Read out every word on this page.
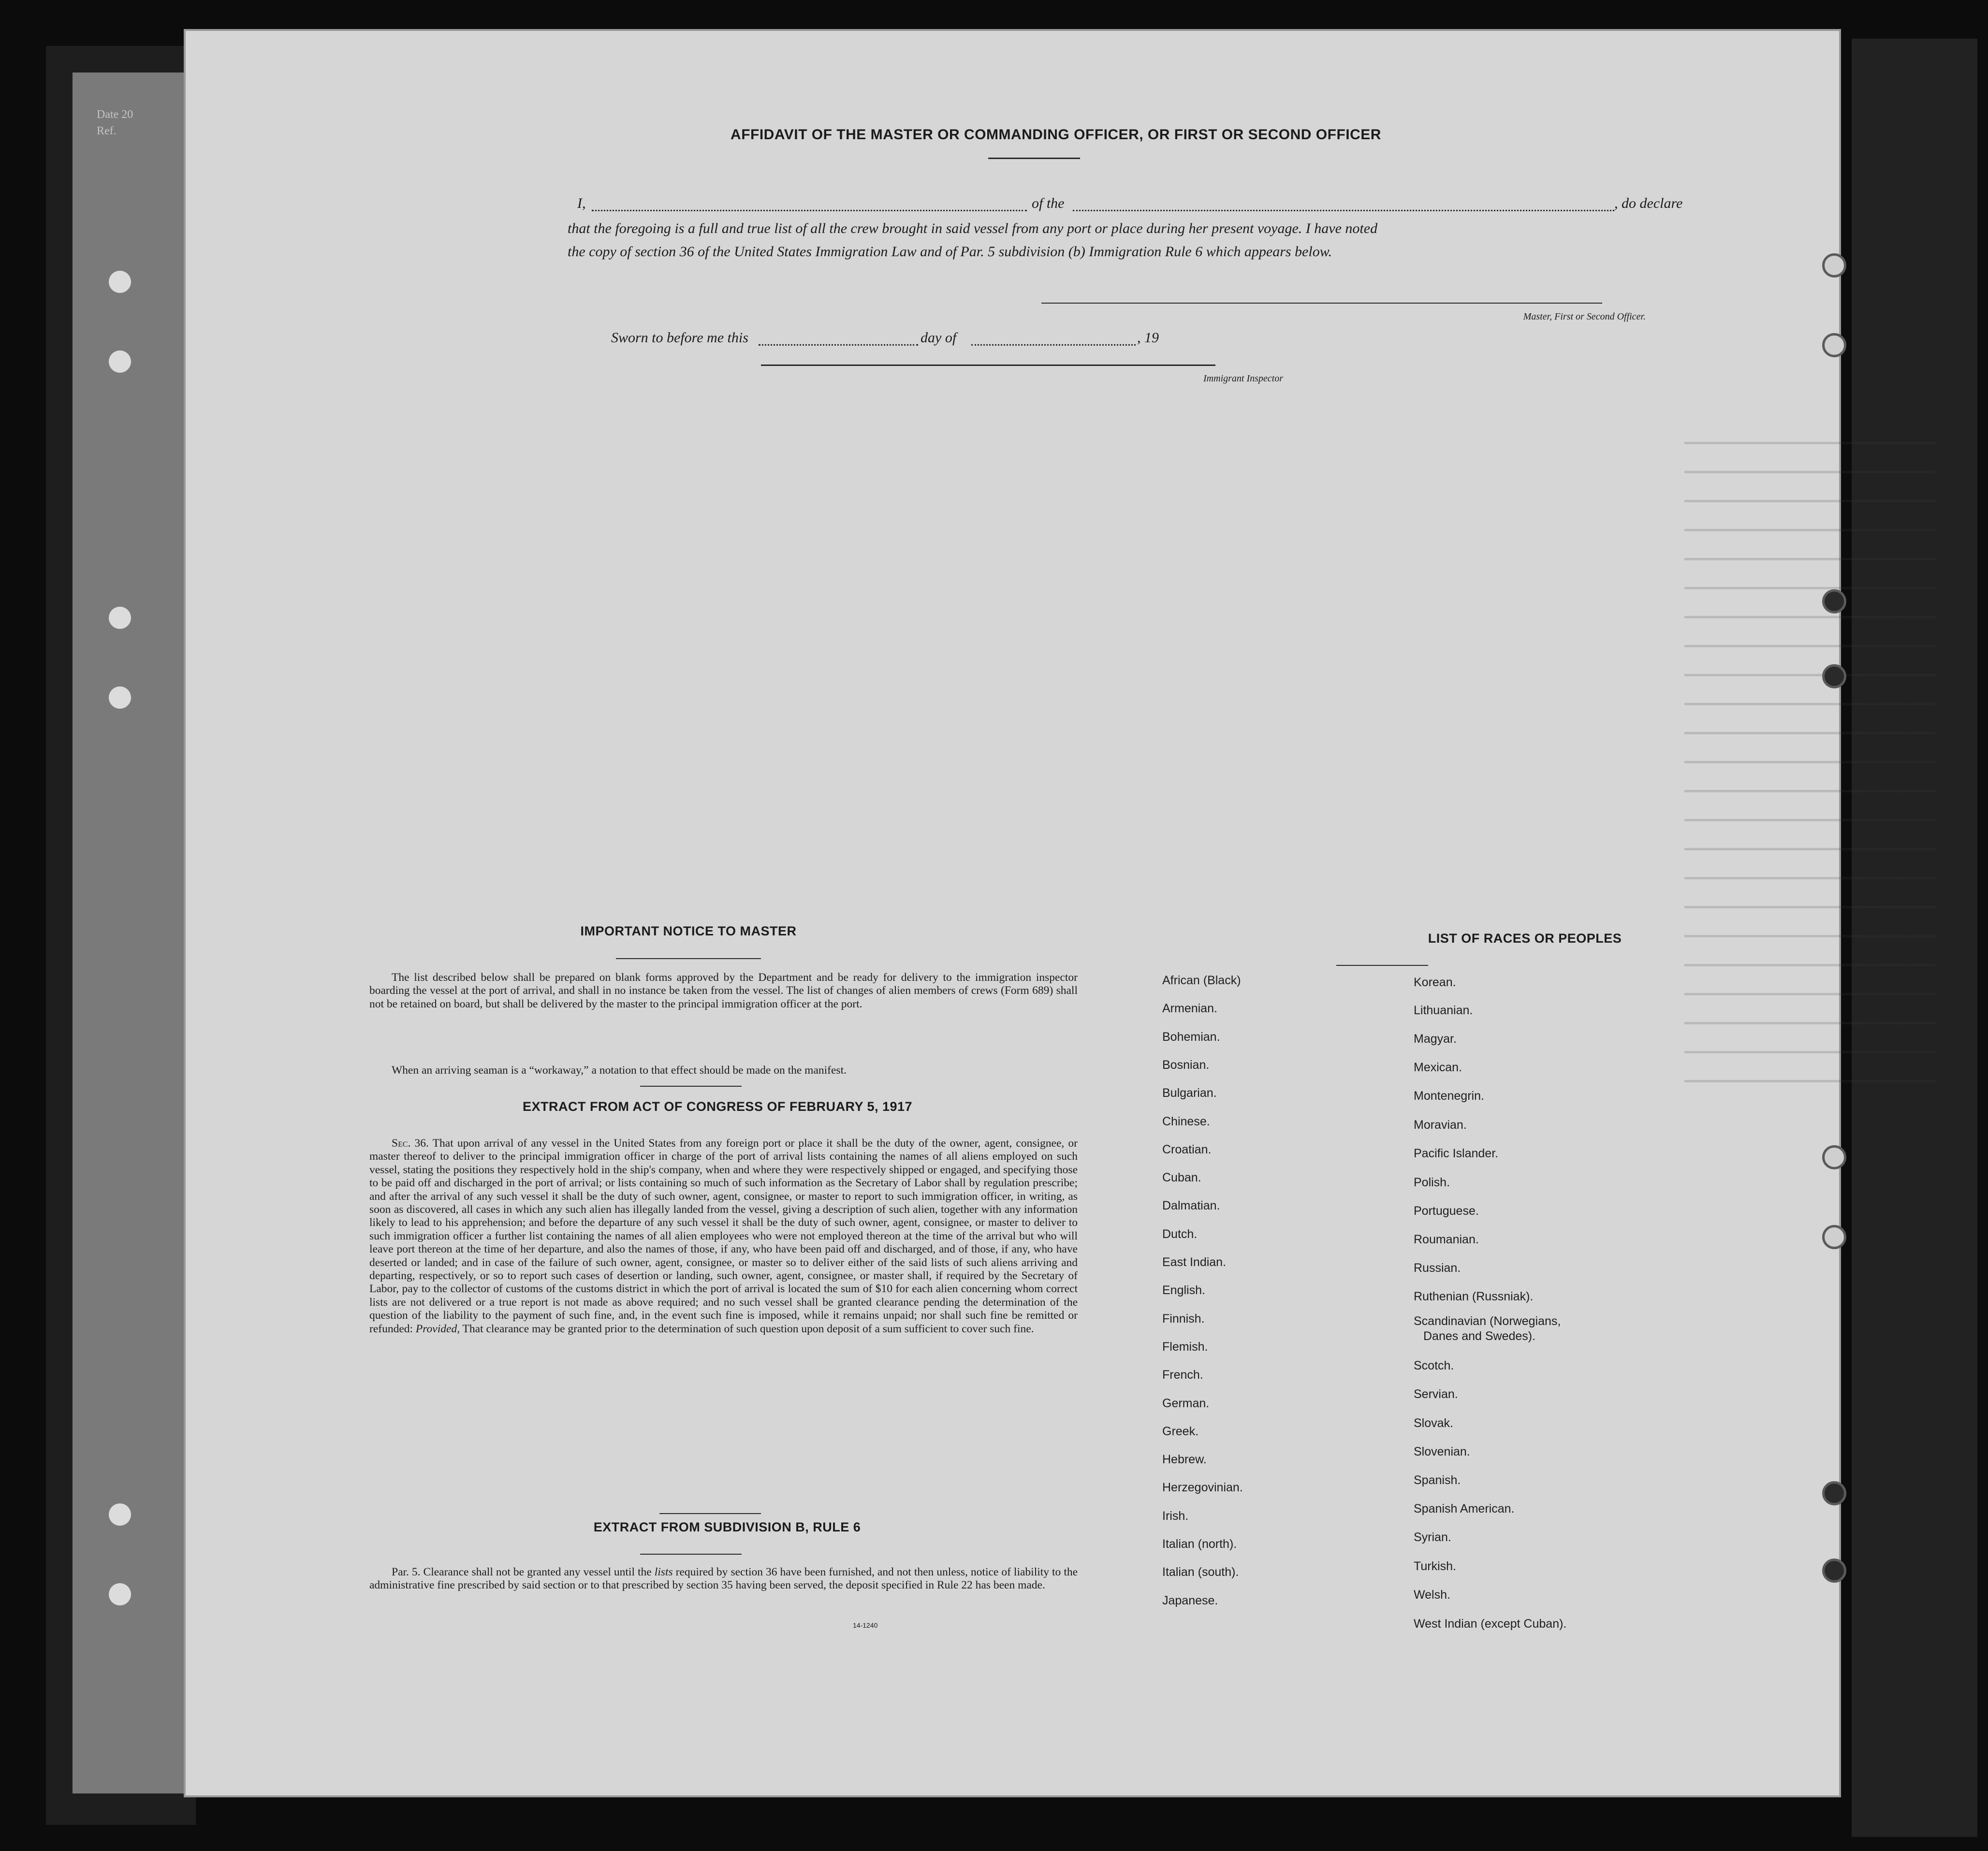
Date 20
Ref.	AFFIDAVIT OF THE MASTER OR COMMANDING OFFICER, OR FIRST OR SECOND OFFICER
I,	of the	, do declare
that the foregoing is a full and true list of all the crew brought in said vessel from any port or place during her present voyage. I have noted
the copy of section 36 of the United States Immigration Law and of Par. 5 subdivision (b) Immigration Rule 6 which appears below.
Master, First or Second Officer.
Sworn to before me this	day of	, 19
Immigrant Inspector
IMPORTANT NOTICE TO MASTER
The list described below shall be prepared on blank forms approved by the Department and be ready for delivery to the immigration inspector boarding the vessel at the port of arrival, and shall in no instance be taken from the vessel. The list of changes of alien members of crews (Form 689) shall not be retained on board, but shall be delivered by the master to the principal immigration officer at the port.
When an arriving seaman is a “workaway,” a notation to that effect should be made on the manifest.
EXTRACT FROM ACT OF CONGRESS OF FEBRUARY 5, 1917
Sec. 36. That upon arrival of any vessel in the United States from any foreign port or place it shall be the duty of the owner, agent, consignee, or master thereof to deliver to the principal immigration officer in charge of the port of arrival lists containing the names of all aliens employed on such vessel, stating the positions they respectively hold in the ship's company, when and where they were respectively shipped or engaged, and specifying those to be paid off and discharged in the port of arrival; or lists containing so much of such information as the Secretary of Labor shall by regulation prescribe; and after the arrival of any such vessel it shall be the duty of such owner, agent, consignee, or master to report to such immigration officer, in writing, as soon as discovered, all cases in which any such alien has illegally landed from the vessel, giving a description of such alien, together with any information likely to lead to his apprehension; and before the departure of any such vessel it shall be the duty of such owner, agent, consignee, or master to deliver to such immigration officer a further list containing the names of all alien employees who were not employed thereon at the time of the arrival but who will leave port thereon at the time of her departure, and also the names of those, if any, who have been paid off and discharged, and of those, if any, who have deserted or landed; and in case of the failure of such owner, agent, consignee, or master so to deliver either of the said lists of such aliens arriving and departing, respectively, or so to report such cases of desertion or landing, such owner, agent, consignee, or master shall, if required by the Secretary of Labor, pay to the collector of customs of the customs district in which the port of arrival is located the sum of $10 for each alien concerning whom correct lists are not delivered or a true report is not made as above required; and no such vessel shall be granted clearance pending the determination of the question of the liability to the payment of such fine, and, in the event such fine is imposed, while it remains unpaid; nor shall such fine be remitted or refunded: Provided, That clearance may be granted prior to the determination of such question upon deposit of a sum sufficient to cover such fine.
EXTRACT FROM SUBDIVISION B, RULE 6
Par. 5. Clearance shall not be granted any vessel until the lists required by section 36 have been furnished, and not then unless, notice of liability to the administrative fine prescribed by said section or to that prescribed by section 35 having been served, the deposit specified in Rule 22 has been made.
14-1240
LIST OF RACES OR PEOPLES
African (Black)
Armenian.
Bohemian.
Bosnian.
Bulgarian.
Chinese.
Croatian.
Cuban.
Dalmatian.
Dutch.
East Indian.
English.
Finnish.
Flemish.
French.
German.
Greek.
Hebrew.
Herzegovinian.
Irish.
Italian (north).
Italian (south).
Japanese.
Korean.
Lithuanian.
Magyar.
Mexican.
Montenegrin.
Moravian.
Pacific Islander.
Polish.
Portuguese.
Roumanian.
Russian.
Ruthenian (Russniak).
Scandinavian (Norwegians,
Danes and Swedes).
Scotch.
Servian.
Slovak.
Slovenian.
Spanish.
Spanish American.
Syrian.
Turkish.
Welsh.
West Indian (except Cuban).
